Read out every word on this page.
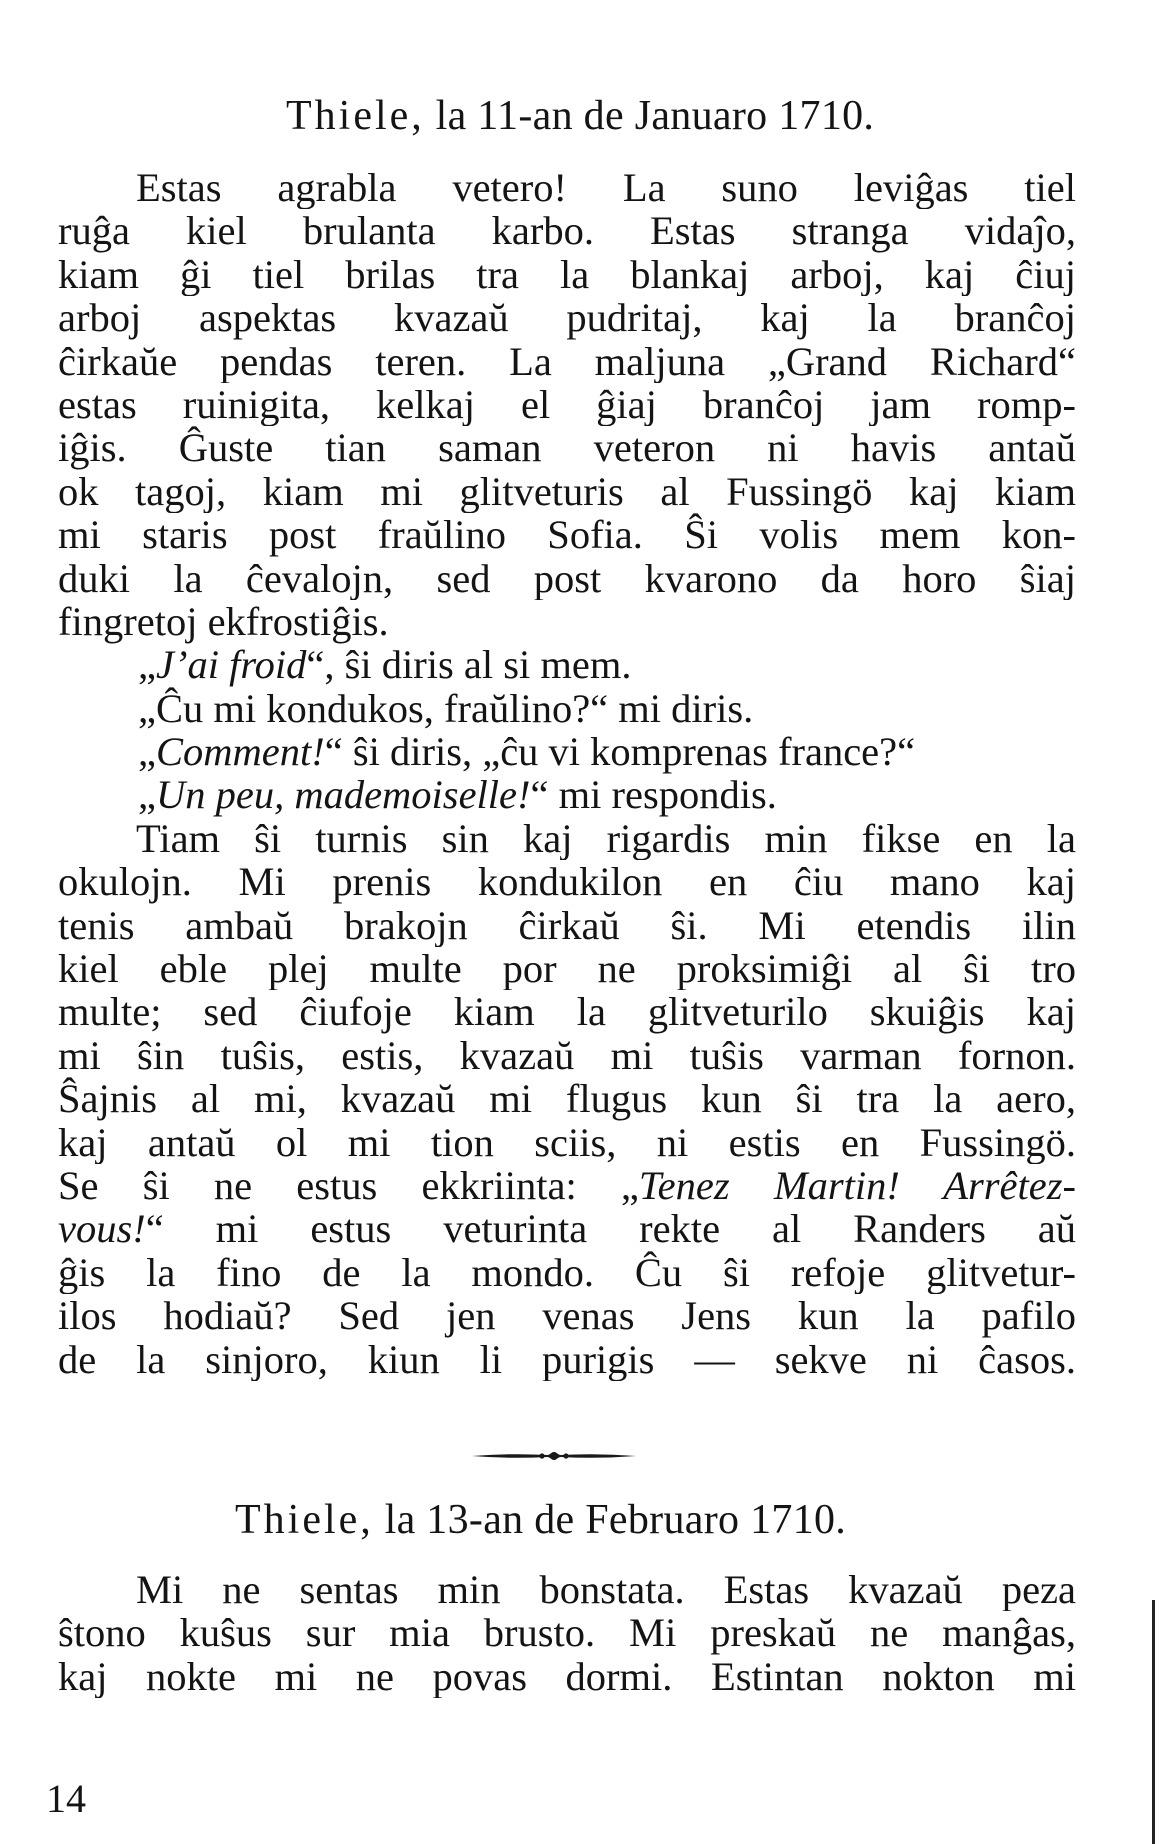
Thiele, la 11-an de Januaro 1710.
Estas agrabla vetero! La suno leviĝas tiel
ruĝa kiel brulanta karbo. Estas stranga vidaĵo,
kiam ĝi tiel brilas tra la blankaj arboj, kaj ĉiuj
arboj aspektas kvazaŭ pudritaj, kaj la branĉoj
ĉirkaŭe pendas teren. La maljuna „Grand Richard“
estas ruinigita, kelkaj el ĝiaj branĉoj jam romp-
iĝis. Ĝuste tian saman veteron ni havis antaŭ
ok tagoj, kiam mi glitveturis al Fussingö kaj kiam
mi staris post fraŭlino Sofia. Ŝi volis mem kon-
duki la ĉevalojn, sed post kvarono da horo ŝiaj
fingretoj ekfrostiĝis.
„J’ai froid“, ŝi diris al si mem.
„Ĉu mi kondukos, fraŭlino?“ mi diris.
„Comment!“ ŝi diris, „ĉu vi komprenas france?“
„Un peu, mademoiselle!“ mi respondis.
Tiam ŝi turnis sin kaj rigardis min fikse en la
okulojn. Mi prenis kondukilon en ĉiu mano kaj
tenis ambaŭ brakojn ĉirkaŭ ŝi. Mi etendis ilin
kiel eble plej multe por ne proksimiĝi al ŝi tro
multe; sed ĉiufoje kiam la glitveturilo skuiĝis kaj
mi ŝin tuŝis, estis, kvazaŭ mi tuŝis varman fornon.
Ŝajnis al mi, kvazaŭ mi flugus kun ŝi tra la aero,
kaj antaŭ ol mi tion sciis, ni estis en Fussingö.
Se ŝi ne estus ekkriinta: „Tenez Martin! Arrêtez-
vous!“ mi estus veturinta rekte al Randers aŭ
ĝis la fino de la mondo. Ĉu ŝi refoje glitvetur-
ilos hodiaŭ? Sed jen venas Jens kun la pafilo
de la sinjoro, kiun li purigis — sekve ni ĉasos.
Thiele, la 13-an de Februaro 1710.
Mi ne sentas min bonstata. Estas kvazaŭ peza
ŝtono kuŝus sur mia brusto. Mi preskaŭ ne manĝas,
kaj nokte mi ne povas dormi. Estintan nokton mi
14
